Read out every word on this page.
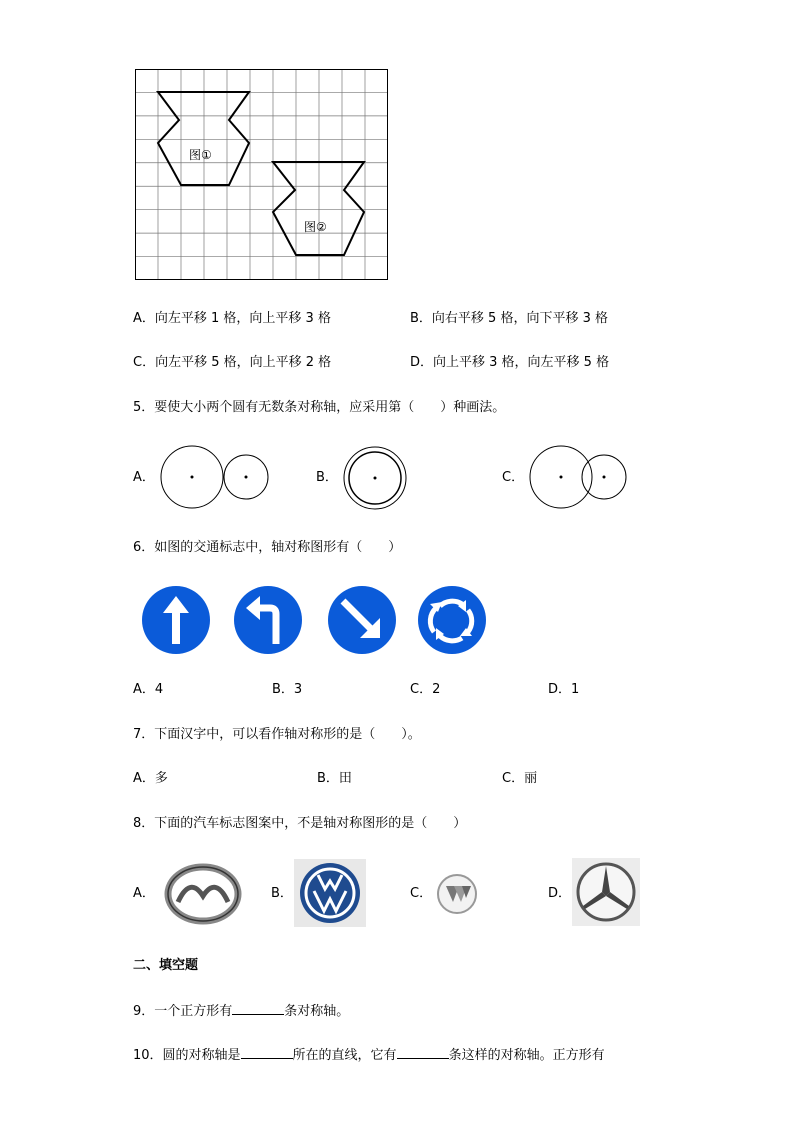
图①
图②
A．向左平移 1 格，向上平移 3 格	B．向右平移 5 格，向下平移 3 格
C．向左平移 5 格，向上平移 2 格	D．向上平移 3 格，向左平移 5 格
5．要使大小两个圆有无数条对称轴，应采用第（　　）种画法。
A．	B．	C．
6．如图的交通标志中，轴对称图形有（　　）
A．4	B．3	C．2	D．1
7．下面汉字中，可以看作轴对称形的是（　　）。
A．多	B．田	C．丽
8．下面的汽车标志图案中，不是轴对称图形的是（　　）
A．	B．	C．	D．
二、填空题
9．一个正方形有	条对称轴。
10．圆的对称轴是	所在的直线，它有	条这样的对称轴。正方形有
